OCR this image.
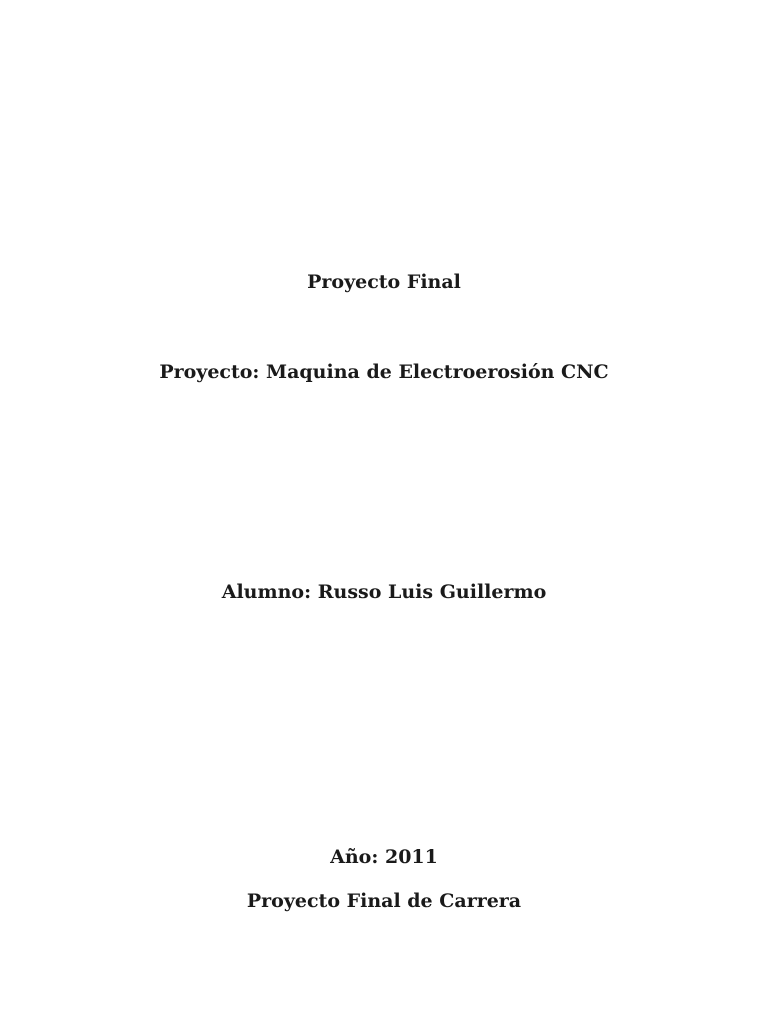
Proyecto Final
Proyecto: Maquina de Electroerosión CNC
Alumno: Russo Luis Guillermo
Año: 2011
Proyecto Final de Carrera
